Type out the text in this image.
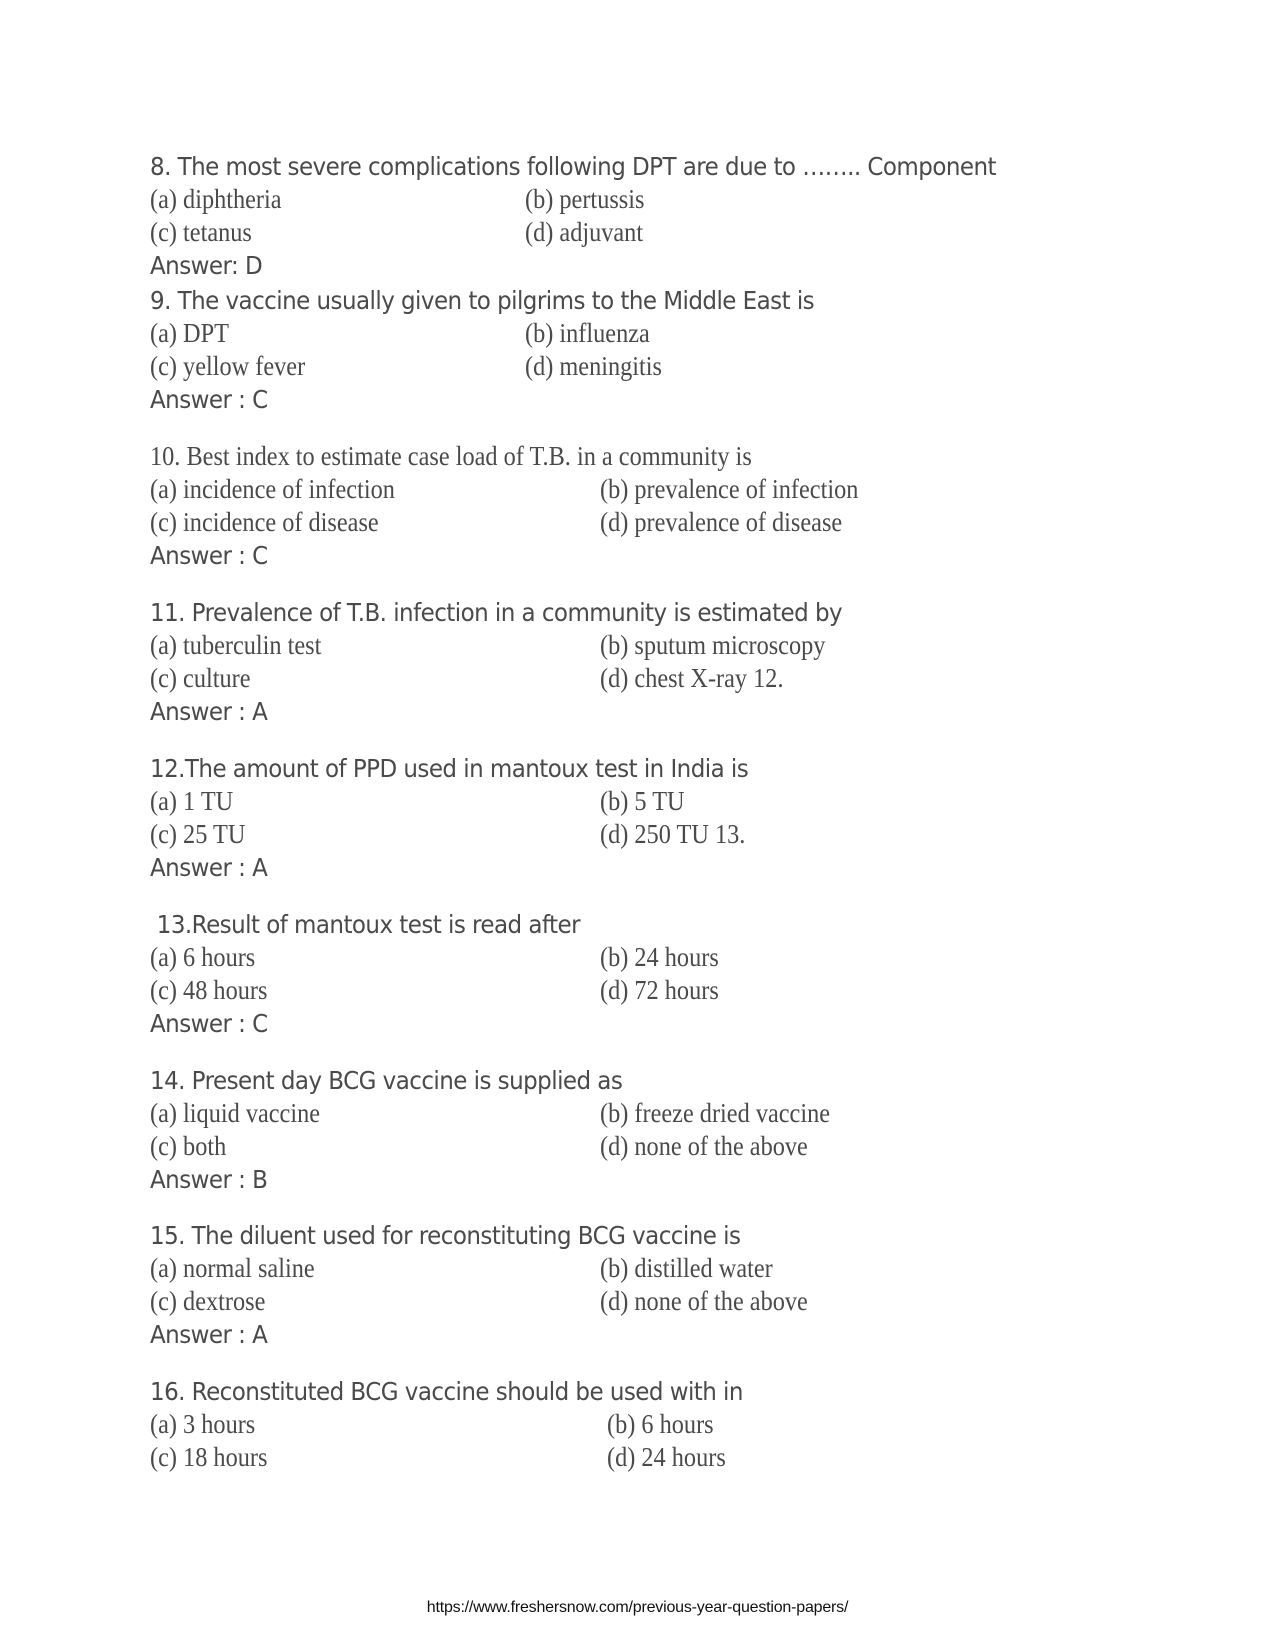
8. The most severe complications following DPT are due to …….. Component
(a) diphtheria	(b) pertussis
(c) tetanus	(d) adjuvant
Answer: D
9. The vaccine usually given to pilgrims to the Middle East is
(a) DPT	(b) influenza
(c) yellow fever	(d) meningitis
Answer : C
10. Best index to estimate case load of T.B. in a community is
(a) incidence of infection	(b) prevalence of infection
(c) incidence of disease	(d) prevalence of disease
Answer : C
11. Prevalence of T.B. infection in a community is estimated by
(a) tuberculin test	(b) sputum microscopy
(c) culture	(d) chest X-ray 12.
Answer : A
12.The amount of PPD used in mantoux test in India is
(a) 1 TU	(b) 5 TU
(c) 25 TU	(d) 250 TU 13.
Answer : A
13.Result of mantoux test is read after
(a) 6 hours	(b) 24 hours
(c) 48 hours	(d) 72 hours
Answer : C
14. Present day BCG vaccine is supplied as
(a) liquid vaccine	(b) freeze dried vaccine
(c) both	(d) none of the above
Answer : B
15. The diluent used for reconstituting BCG vaccine is
(a) normal saline	(b) distilled water
(c) dextrose	(d) none of the above
Answer : A
16. Reconstituted BCG vaccine should be used with in
(a) 3 hours	(b) 6 hours
(c) 18 hours	(d) 24 hours
https://www.freshersnow.com/previous-year-question-papers/
